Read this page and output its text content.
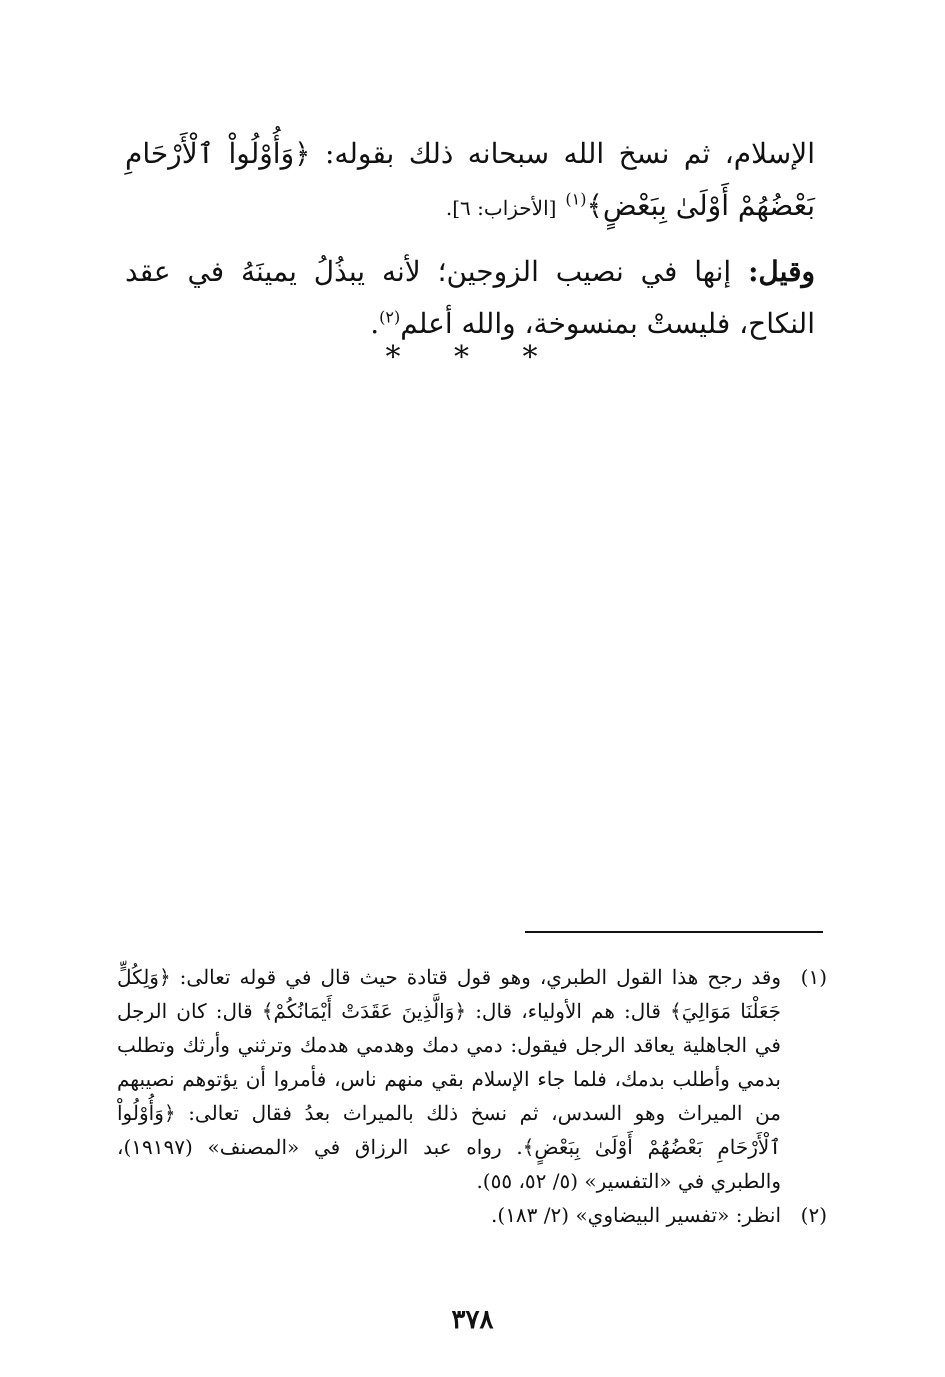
الإسلام، ثم نسخ الله سبحانه ذلك بقوله: ﴿وَأُوْلُواْ ٱلْأَرْحَامِ بَعْضُهُمْ أَوْلَىٰ بِبَعْضٍ﴾$^{(١)}$ [الأحزاب: ٦].

وقيل: إنها في نصيب الزوجين؛ لأنه يبذُلُ يمينَهُ في عقد النكاح، فليستْ بمنسوخة، والله أعلم$^{(٢)}$.

* * *
(١)
وقد رجح هذا القول الطبري، وهو قول قتادة حيث قال في قوله تعالى: ﴿وَلِكُلٍّ جَعَلْنَا مَوَالِيَ﴾ قال: هم الأولياء، قال: ﴿وَالَّذِينَ عَقَدَتْ أَيْمَانُكُمْ﴾ قال: كان الرجل في الجاهلية يعاقد الرجل فيقول: دمي دمك وهدمي هدمك وترثني وأرثك وتطلب بدمي وأطلب بدمك، فلما جاء الإسلام بقي منهم ناس، فأمروا أن يؤتوهم نصيبهم من الميراث وهو السدس، ثم نسخ ذلك بالميراث بعدُ فقال تعالى: ﴿وَأُوْلُواْ ٱلْأَرْحَامِ بَعْضُهُمْ أَوْلَىٰ بِبَعْضٍ﴾. رواه عبد الرزاق في «المصنف» (١٩١٩٧)، والطبري في «التفسير» (٥/ ٥٢، ٥٥).
(٢)
انظر: «تفسير البيضاوي» (٢/ ١٨٣).
٣٧٨
